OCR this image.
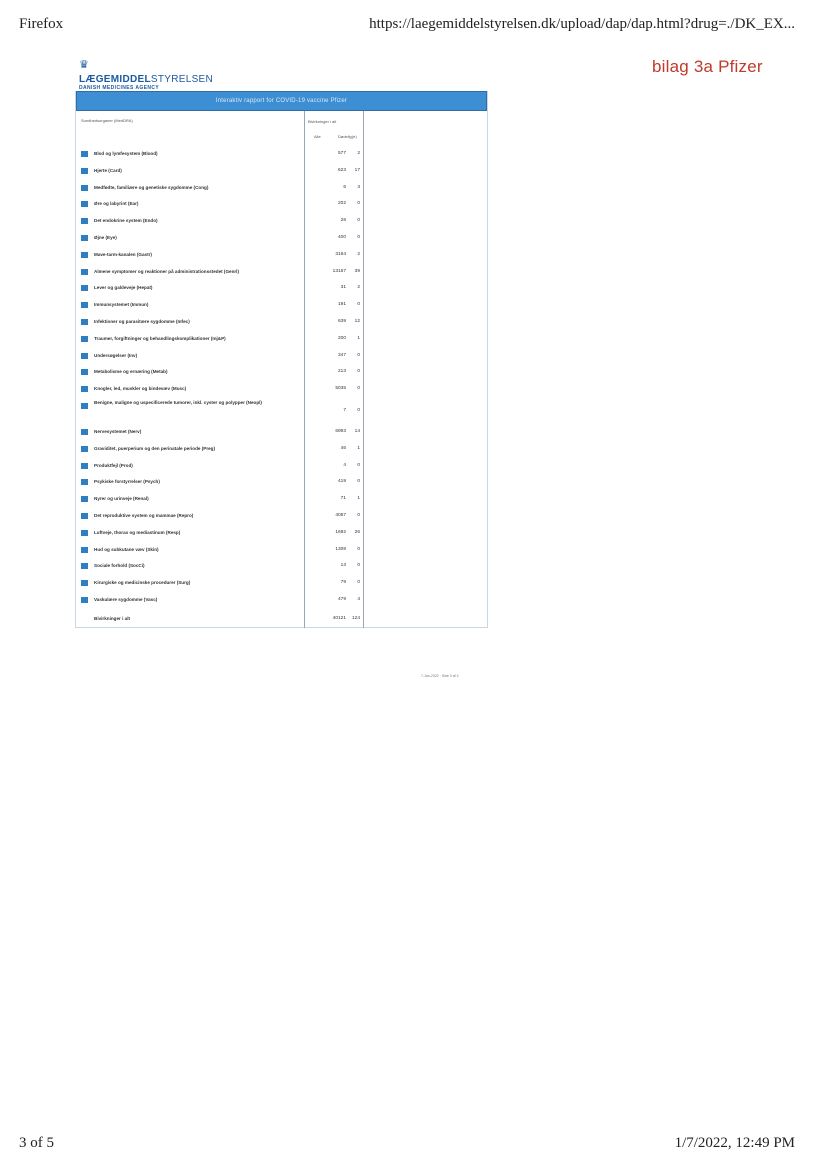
Firefox	https://laegemiddelstyrelsen.dk/upload/dap/dap.html?drug=./DK_EX...
bilag 3a Pfizer
♛
LÆGEMIDDELSTYRELSEN
DANISH MEDICINES AGENCY
Interaktiv rapport for COVID-19 vaccine Pfizer
Sundhedsorganer (MedDRA)	Bivirkninger i alt
Alle	Dødelig(e)
Blod og lymfesystem (Blood)	577	2
Hjerte (Card)	623	17
Medfødte, familiære og genetiske sygdomme (Cong)	6	3
Øre og labyrint (Ear)	202	0
Det endokrine system (Endo)	28	0
Øjne (Eye)	400	0
Mave-tarm-kanalen (Gastr)	3164	2
Almene symptomer og reaktioner på administrationsstedet (Genrl)	13157	39
Lever og galdeveje (Hepat)	31	2
Immunsystemet (Immun)	191	0
Infektioner og parasitære sygdomme (Infec)	639	12
Traumer, forgiftninger og behandlingskomplikationer (Inj&P)	200	1
Undersøgelser (Inv)	347	0
Metabolisme og ernæring (Metab)	213	0
Knogler, led, muskler og bindevæv (Musc)	5035	0
Benigne, maligne og uspecificerede tumorer, inkl. cyster og polypper (Neopl)
7	0
Nervesystemet (Nerv)	6993	14
Graviditet, puerperium og den perinatale periode (Preg)	46	1
Produktfejl (Prod)	4	0
Psykiske forstyrrelser (Psych)	419	0
Nyrer og urinveje (Renal)	71	1
Det reproduktive system og mammae (Repro)	4057	0
Luftveje, thorax og mediastinum (Resp)	1692	26
Hud og subkutane væv (Skin)	1308	0
Sociale forhold (SocCi)	13	0
Kirurgiske og medicinske procedurer (Surg)	79	0
Vaskulære sygdomme (Vasc)	479	4
Bivirkninger i alt	40121	124
7-Jan-2022 · Side 3 af 4
3 of 5	1/7/2022, 12:49 PM
